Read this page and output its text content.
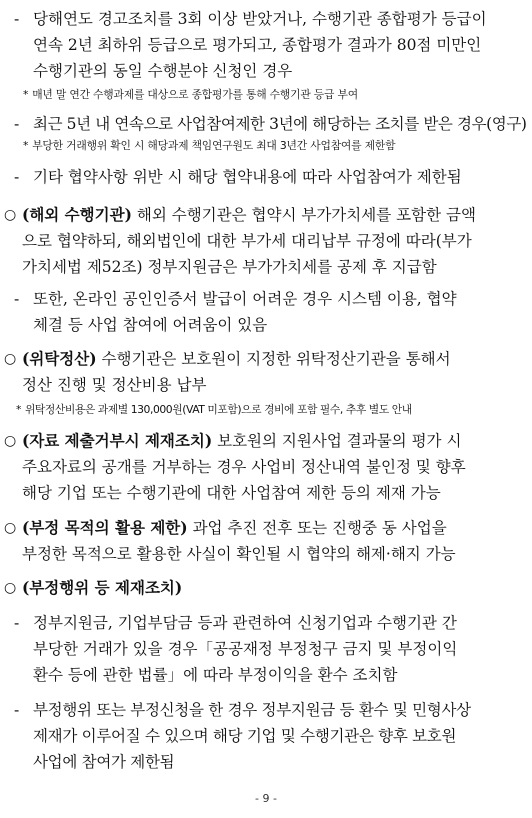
- 당해연도 경고조치를 3회 이상 받았거나, 수행기관 종합평가 등급이
연속 2년 최하위 등급으로 평가되고, 종합평가 결과가 80점 미만인
수행기관의 동일 수행분야 신청인 경우
* 매년 말 연간 수행과제를 대상으로 종합평가를 통해 수행기관 등급 부여
- 최근 5년 내 연속으로 사업참여제한 3년에 해당하는 조치를 받은 경우(영구)
* 부당한 거래행위 확인 시 해당과제 책임연구원도 최대 3년간 사업참여를 제한함
- 기타 협약사항 위반 시 해당 협약내용에 따라 사업참여가 제한됨
○ (해외 수행기관) 해외 수행기관은 협약시 부가가치세를 포함한 금액
으로 협약하되, 해외법인에 대한 부가세 대리납부 규정에 따라(부가
가치세법 제52조) 정부지원금은 부가가치세를 공제 후 지급함
- 또한, 온라인 공인인증서 발급이 어려운 경우 시스템 이용, 협약
체결 등 사업 참여에 어려움이 있음
○ (위탁정산) 수행기관은 보호원이 지정한 위탁정산기관을 통해서
정산 진행 및 정산비용 납부
* 위탁정산비용은 과제별 130,000원(VAT 미포함)으로 경비에 포함 필수, 추후 별도 안내
○ (자료 제출거부시 제재조치) 보호원의 지원사업 결과물의 평가 시
주요자료의 공개를 거부하는 경우 사업비 정산내역 불인정 및 향후
해당 기업 또는 수행기관에 대한 사업참여 제한 등의 제재 가능
○ (부정 목적의 활용 제한) 과업 추진 전후 또는 진행중 동 사업을
부정한 목적으로 활용한 사실이 확인될 시 협약의 해제·해지 가능
○ (부정행위 등 제재조치)
- 정부지원금, 기업부담금 등과 관련하여 신청기업과 수행기관 간
부당한 거래가 있을 경우「공공재정 부정청구 금지 및 부정이익
환수 등에 관한 법률」에 따라 부정이익을 환수 조치함
- 부정행위 또는 부정신청을 한 경우 정부지원금 등 환수 및 민형사상
제재가 이루어질 수 있으며 해당 기업 및 수행기관은 향후 보호원
사업에 참여가 제한됨
- 9 -
